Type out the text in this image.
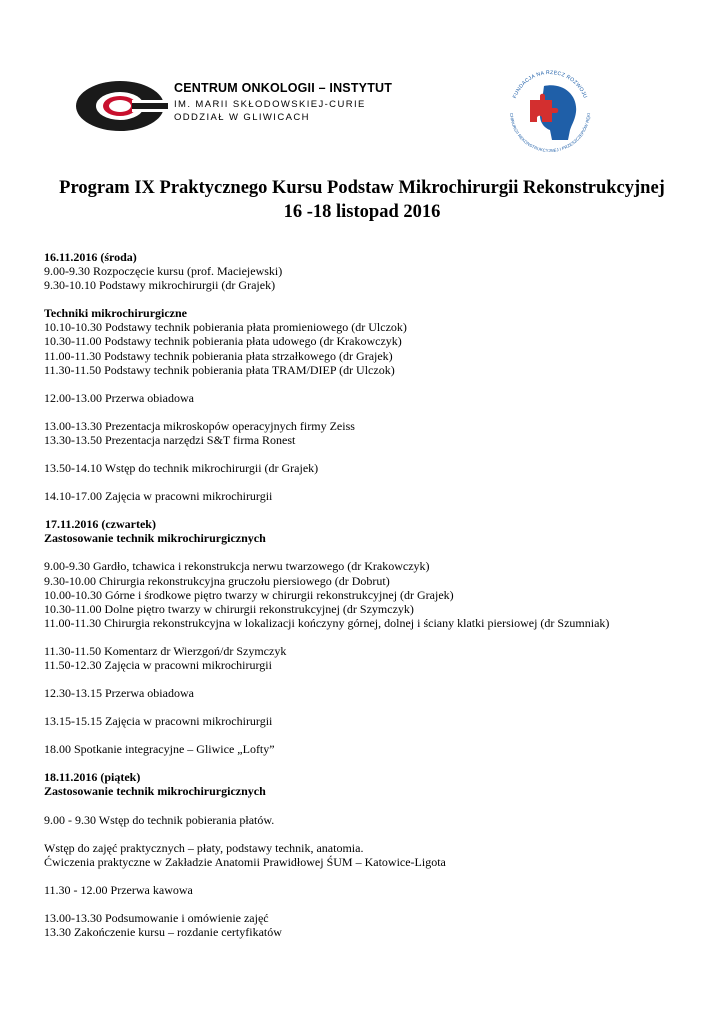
CENTRUM ONKOLOGII – INSTYTUT
IM. MARII SKŁODOWSKIEJ-CURIE
ODDZIAŁ W GLIWICACH
FUNDACJA NA RZECZ ROZWOJU
CHIRURGII REKONSTRUKCYJNEJ I PRZESZCZEPIÓW RĘKI
Program IX Praktycznego Kursu Podstaw Mikrochirurgii Rekonstrukcyjnej
16 -18 listopad 2016

16.11.2016 (środa)

9.00-9.30 Rozpoczęcie kursu (prof. Maciejewski)

9.30-10.10 Podstawy mikrochirurgii (dr Grajek)

Techniki mikrochirurgiczne

10.10-10.30 Podstawy technik pobierania płata promieniowego (dr Ulczok)

10.30-11.00 Podstawy technik pobierania płata udowego (dr Krakowczyk)

11.00-11.30 Podstawy technik pobierania płata strzałkowego (dr Grajek)

11.30-11.50 Podstawy technik pobierania płata TRAM/DIEP (dr Ulczok)

12.00-13.00 Przerwa obiadowa

13.00-13.30 Prezentacja mikroskopów operacyjnych firmy Zeiss

13.30-13.50 Prezentacja narzędzi S&T firma Ronest

13.50-14.10 Wstęp do technik mikrochirurgii (dr Grajek)

14.10-17.00 Zajęcia w pracowni mikrochirurgii

17.11.2016 (czwartek)

Zastosowanie technik mikrochirurgicznych

9.00-9.30 Gardło, tchawica i rekonstrukcja nerwu twarzowego (dr Krakowczyk)

9.30-10.00 Chirurgia rekonstrukcyjna gruczołu piersiowego (dr Dobrut)

10.00-10.30 Górne i środkowe piętro twarzy w chirurgii rekonstrukcyjnej (dr Grajek)

10.30-11.00 Dolne piętro twarzy w chirurgii rekonstrukcyjnej (dr Szymczyk)

11.00-11.30 Chirurgia rekonstrukcyjna w lokalizacji kończyny górnej, dolnej i ściany klatki piersiowej (dr Szumniak)

11.30-11.50 Komentarz dr Wierzgoń/dr Szymczyk

11.50-12.30 Zajęcia w pracowni mikrochirurgii

12.30-13.15 Przerwa obiadowa

13.15-15.15 Zajęcia w pracowni mikrochirurgii

18.00 Spotkanie integracyjne – Gliwice „Lofty”

18.11.2016 (piątek)

Zastosowanie technik mikrochirurgicznych

9.00 - 9.30 Wstęp do technik pobierania płatów.

Wstęp do zajęć praktycznych – płaty, podstawy technik, anatomia.

Ćwiczenia praktyczne w Zakładzie Anatomii Prawidłowej ŚUM – Katowice-Ligota

11.30 - 12.00 Przerwa kawowa

13.00-13.30 Podsumowanie i omówienie zajęć

13.30 Zakończenie kursu – rozdanie certyfikatów
